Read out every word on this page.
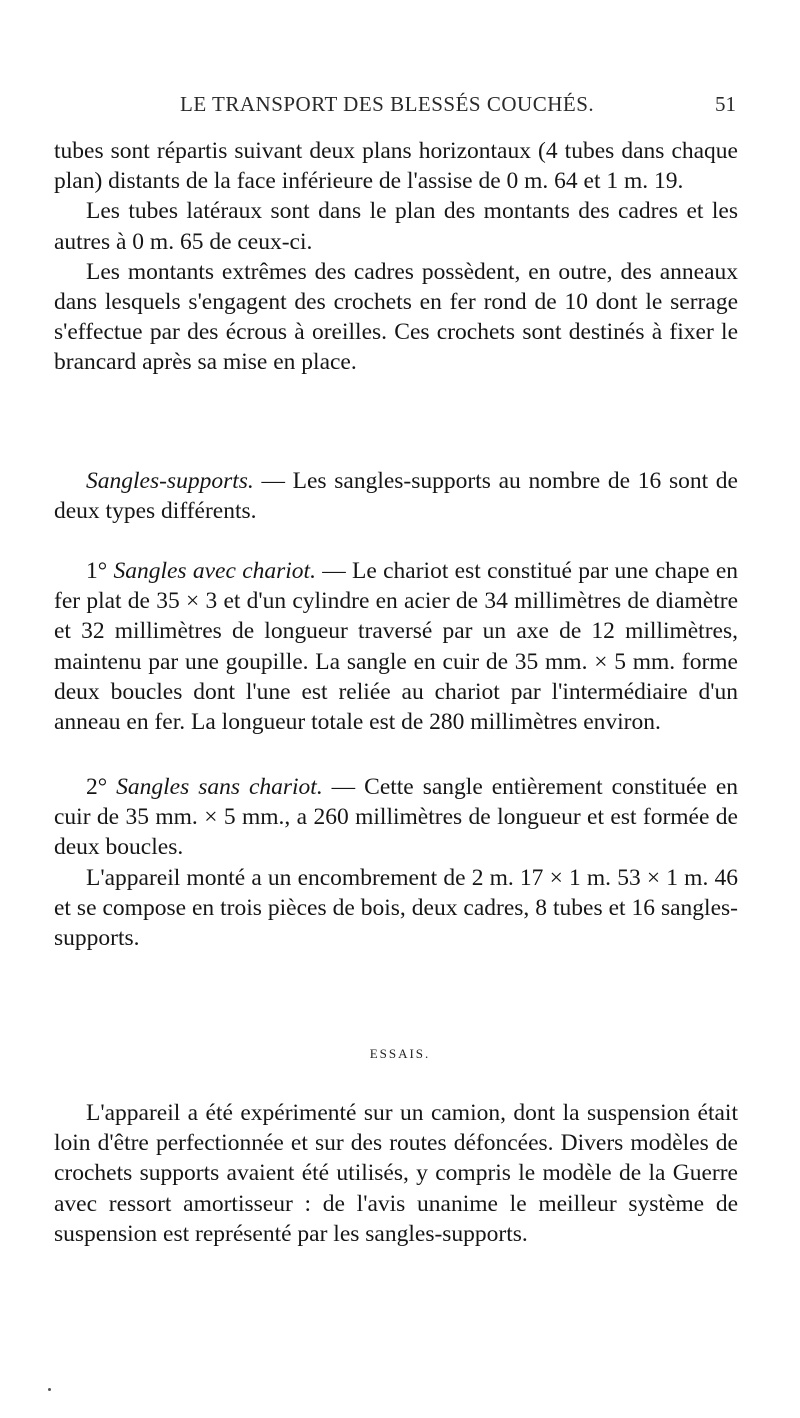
LE TRANSPORT DES BLESSÉS COUCHÉS.	51

tubes sont répartis suivant deux plans horizontaux (4 tubes dans chaque plan) distants de la face inférieure de l'assise de 0 m. 64 et 1 m. 19.

Les tubes latéraux sont dans le plan des montants des cadres et les autres à 0 m. 65 de ceux-ci.

Les montants extrêmes des cadres possèdent, en outre, des anneaux dans lesquels s'engagent des crochets en fer rond de 10 dont le serrage s'effectue par des écrous à oreilles. Ces crochets sont destinés à fixer le brancard après sa mise en place.

Sangles-supports. — Les sangles-supports au nombre de 16 sont de deux types différents.

1° Sangles avec chariot. — Le chariot est constitué par une chape en fer plat de 35 × 3 et d'un cylindre en acier de 34 millimètres de diamètre et 32 millimètres de longueur traversé par un axe de 12 millimètres, maintenu par une goupille. La sangle en cuir de 35 mm. × 5 mm. forme deux boucles dont l'une est reliée au chariot par l'intermédiaire d'un anneau en fer. La longueur totale est de 280 millimètres environ.

2° Sangles sans chariot. — Cette sangle entièrement constituée en cuir de 35 mm. × 5 mm., a 260 millimètres de longueur et est formée de deux boucles.

L'appareil monté a un encombrement de 2 m. 17 × 1 m. 53 × 1 m. 46 et se compose en trois pièces de bois, deux cadres, 8 tubes et 16 sangles-supports.

ESSAIS.

L'appareil a été expérimenté sur un camion, dont la suspension était loin d'être perfectionnée et sur des routes défoncées. Divers modèles de crochets supports avaient été utilisés, y compris le modèle de la Guerre avec ressort amortisseur : de l'avis unanime le meilleur système de suspension est représenté par les sangles-supports.
